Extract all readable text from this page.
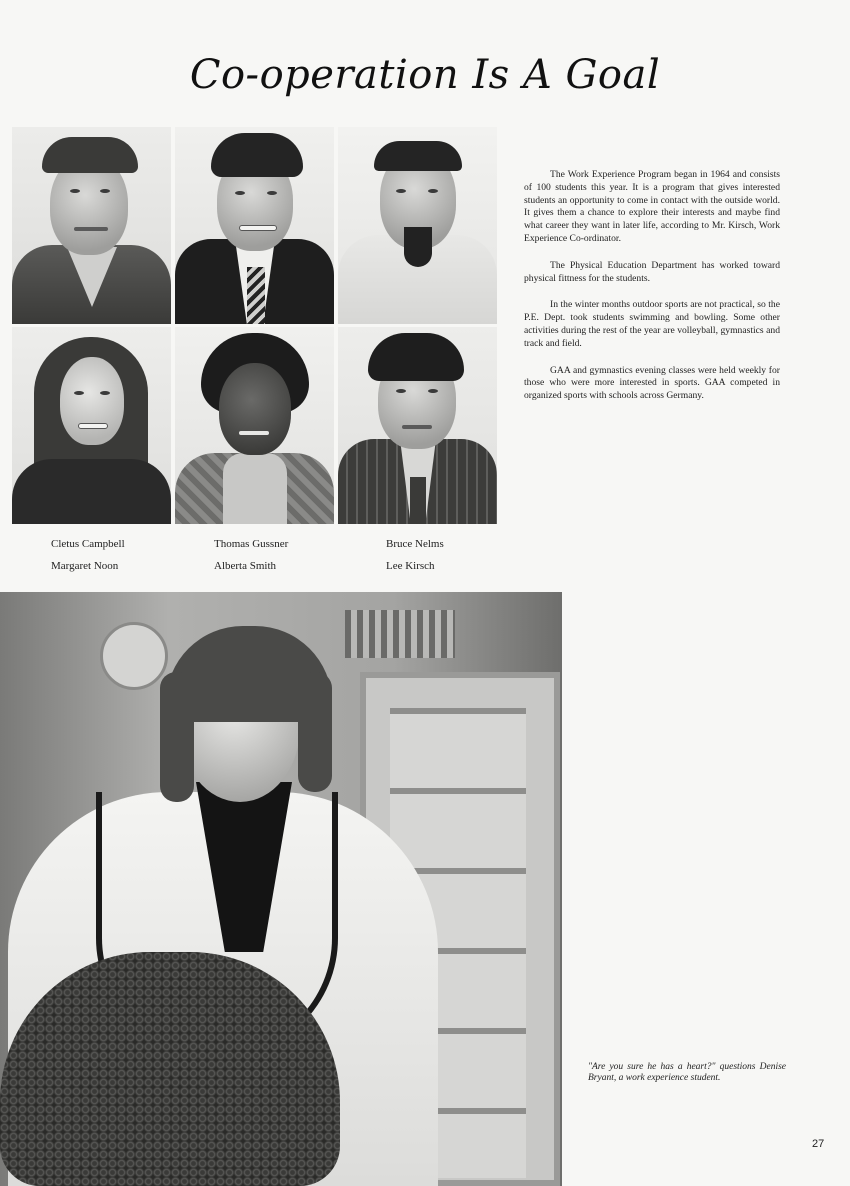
Co-operation Is A Goal
Cletus Campbell
Margaret Noon
Thomas Gussner
Alberta Smith
Bruce Nelms
Lee Kirsch

The Work Experience Program began in 1964 and consists of 100 students this year. It is a program that gives interested students an opportunity to come in contact with the outside world. It gives them a chance to explore their interests and maybe find what career they want in later life, according to Mr. Kirsch, Work Experience Co-ordinator.

The Physical Education Department has worked toward physical fittness for the students.

In the winter months outdoor sports are not practical, so the P.E. Dept. took students swimming and bowling. Some other activities during the rest of the year are volleyball, gymnastics and track and field.

GAA and gymnastics evening classes were held weekly for those who were more interested in sports. GAA competed in organized sports with schools across Germany.

"Are you sure he has a heart?" questions Denise Bryant, a work experience student.
27
